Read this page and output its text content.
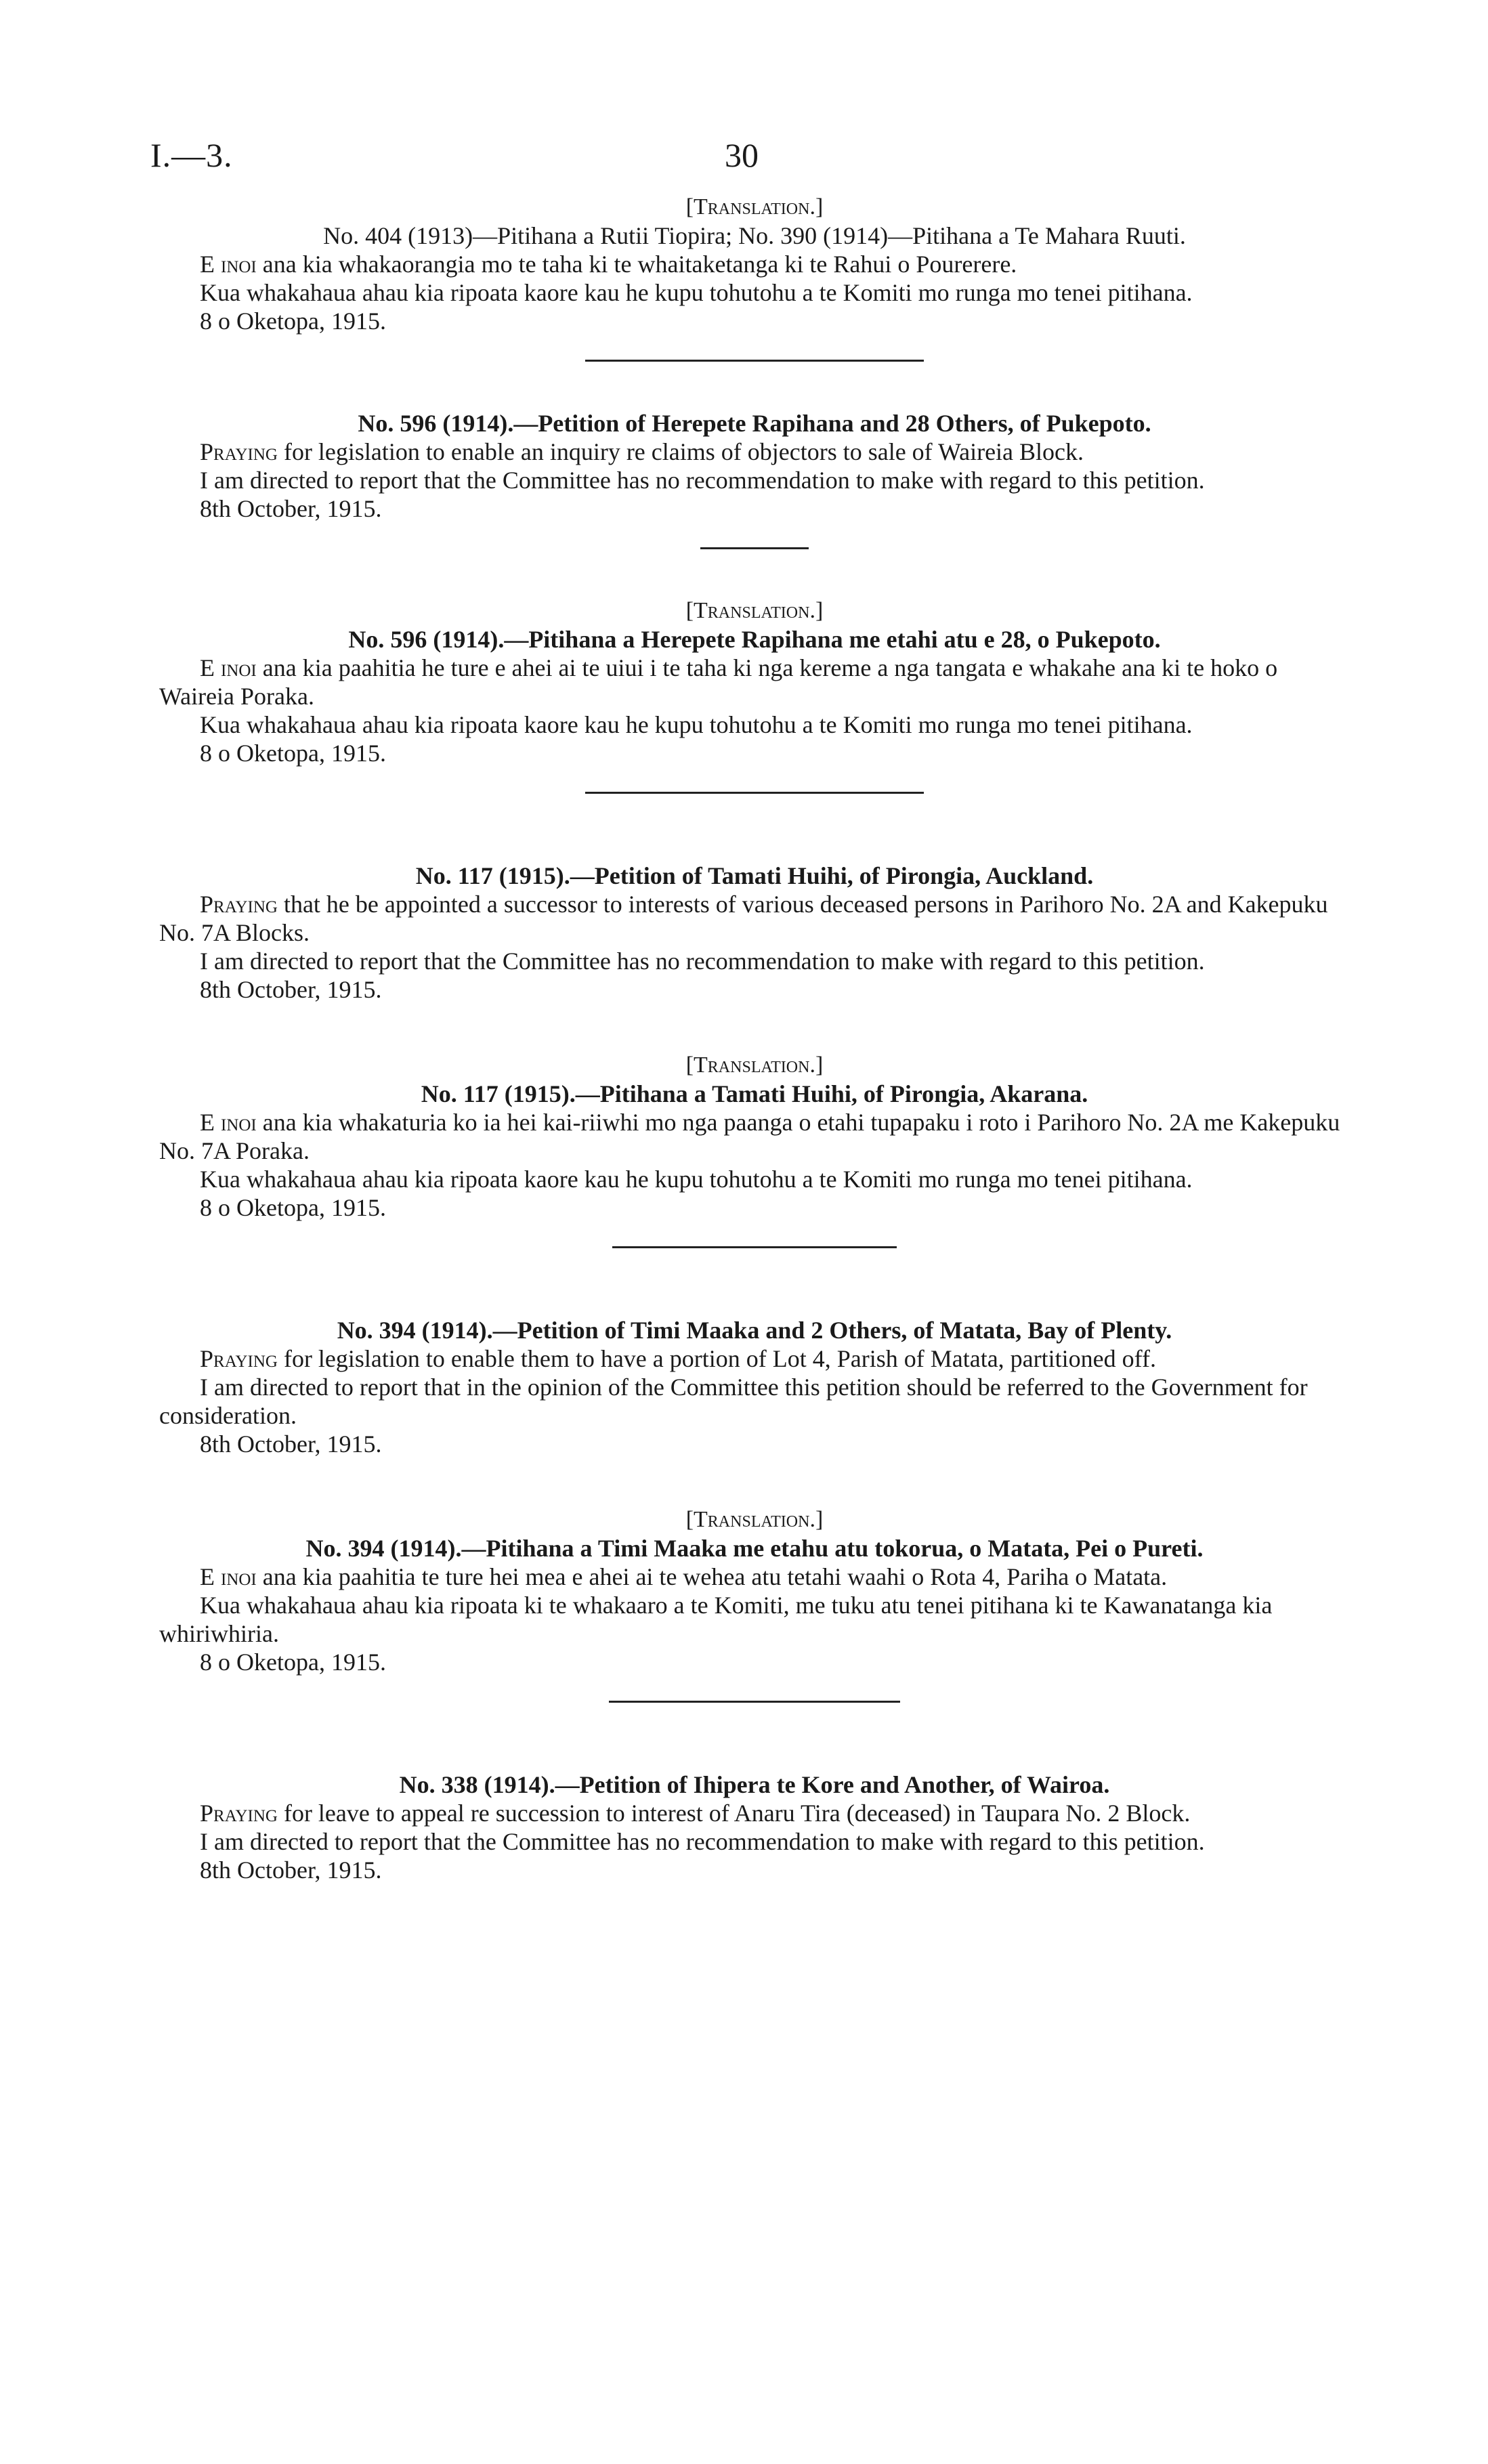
I.—3.	30
[Translation.]
No. 404 (1913)—Pitihana a Rutii Tiopira; No. 390 (1914)—Pitihana a Te Mahara Ruuti.
E inoi ana kia whakaorangia mo te taha ki te whaitaketanga ki te Rahui o Pourerere.
Kua whakahaua ahau kia ripoata kaore kau he kupu tohutohu a te Komiti mo runga mo tenei pitihana.
8 o Oketopa, 1915.
No. 596 (1914).—Petition of Herepete Rapihana and 28 Others, of Pukepoto.
Praying for legislation to enable an inquiry re claims of objectors to sale of Waireia Block.
I am directed to report that the Committee has no recommendation to make with regard to this petition.
8th October, 1915.
[Translation.]
No. 596 (1914).—Pitihana a Herepete Rapihana me etahi atu e 28, o Pukepoto.
E inoi ana kia paahitia he ture e ahei ai te uiui i te taha ki nga kereme a nga tangata e whakahe ana ki te hoko o Waireia Poraka.
Kua whakahaua ahau kia ripoata kaore kau he kupu tohutohu a te Komiti mo runga mo tenei pitihana.
8 o Oketopa, 1915.
No. 117 (1915).—Petition of Tamati Huihi, of Pirongia, Auckland.
Praying that he be appointed a successor to interests of various deceased persons in Parihoro No. 2A and Kakepuku No. 7A Blocks.
I am directed to report that the Committee has no recommendation to make with regard to this petition.
8th October, 1915.
[Translation.]
No. 117 (1915).—Pitihana a Tamati Huihi, of Pirongia, Akarana.
E inoi ana kia whakaturia ko ia hei kai-riiwhi mo nga paanga o etahi tupapaku i roto i Parihoro No. 2A me Kakepuku No. 7A Poraka.
Kua whakahaua ahau kia ripoata kaore kau he kupu tohutohu a te Komiti mo runga mo tenei pitihana.
8 o Oketopa, 1915.
No. 394 (1914).—Petition of Timi Maaka and 2 Others, of Matata, Bay of Plenty.
Praying for legislation to enable them to have a portion of Lot 4, Parish of Matata, partitioned off.
I am directed to report that in the opinion of the Committee this petition should be referred to the Government for consideration.
8th October, 1915.
[Translation.]
No. 394 (1914).—Pitihana a Timi Maaka me etahu atu tokorua, o Matata, Pei o Pureti.
E inoi ana kia paahitia te ture hei mea e ahei ai te wehea atu tetahi waahi o Rota 4, Pariha o Matata.
Kua whakahaua ahau kia ripoata ki te whakaaro a te Komiti, me tuku atu tenei pitihana ki te Kawanatanga kia whiriwhiria.
8 o Oketopa, 1915.
No. 338 (1914).—Petition of Ihipera te Kore and Another, of Wairoa.
Praying for leave to appeal re succession to interest of Anaru Tira (deceased) in Taupara No. 2 Block.
I am directed to report that the Committee has no recommendation to make with regard to this petition.
8th October, 1915.
